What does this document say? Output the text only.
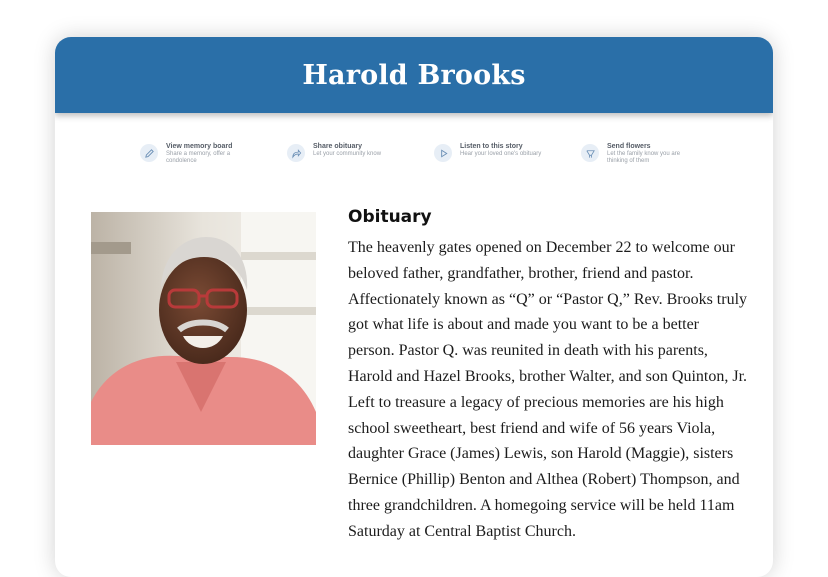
Harold Brooks
View memory board
Share a memory, offer a condolence
Share obituary
Let your community know
Listen to this story
Hear your loved one's obituary
Send flowers
Let the family know you are thinking of them
Obituary

The heavenly gates opened on December 22 to welcome our beloved father, grandfather, brother, friend and pastor. Affectionately known as “Q” or “Pastor Q,” Rev. Brooks truly got what life is about and made you want to be a better person. Pastor Q. was reunited in death with his parents, Harold and Hazel Brooks, brother Walter, and son Quinton, Jr. Left to treasure a legacy of precious memories are his high school sweetheart, best friend and wife of 56 years Viola, daughter Grace (James) Lewis, son Harold (Maggie), sisters Bernice (Phillip) Benton and Althea (Robert) Thompson, and three grandchildren. A homegoing service will be held 11am Saturday at Central Baptist Church.
